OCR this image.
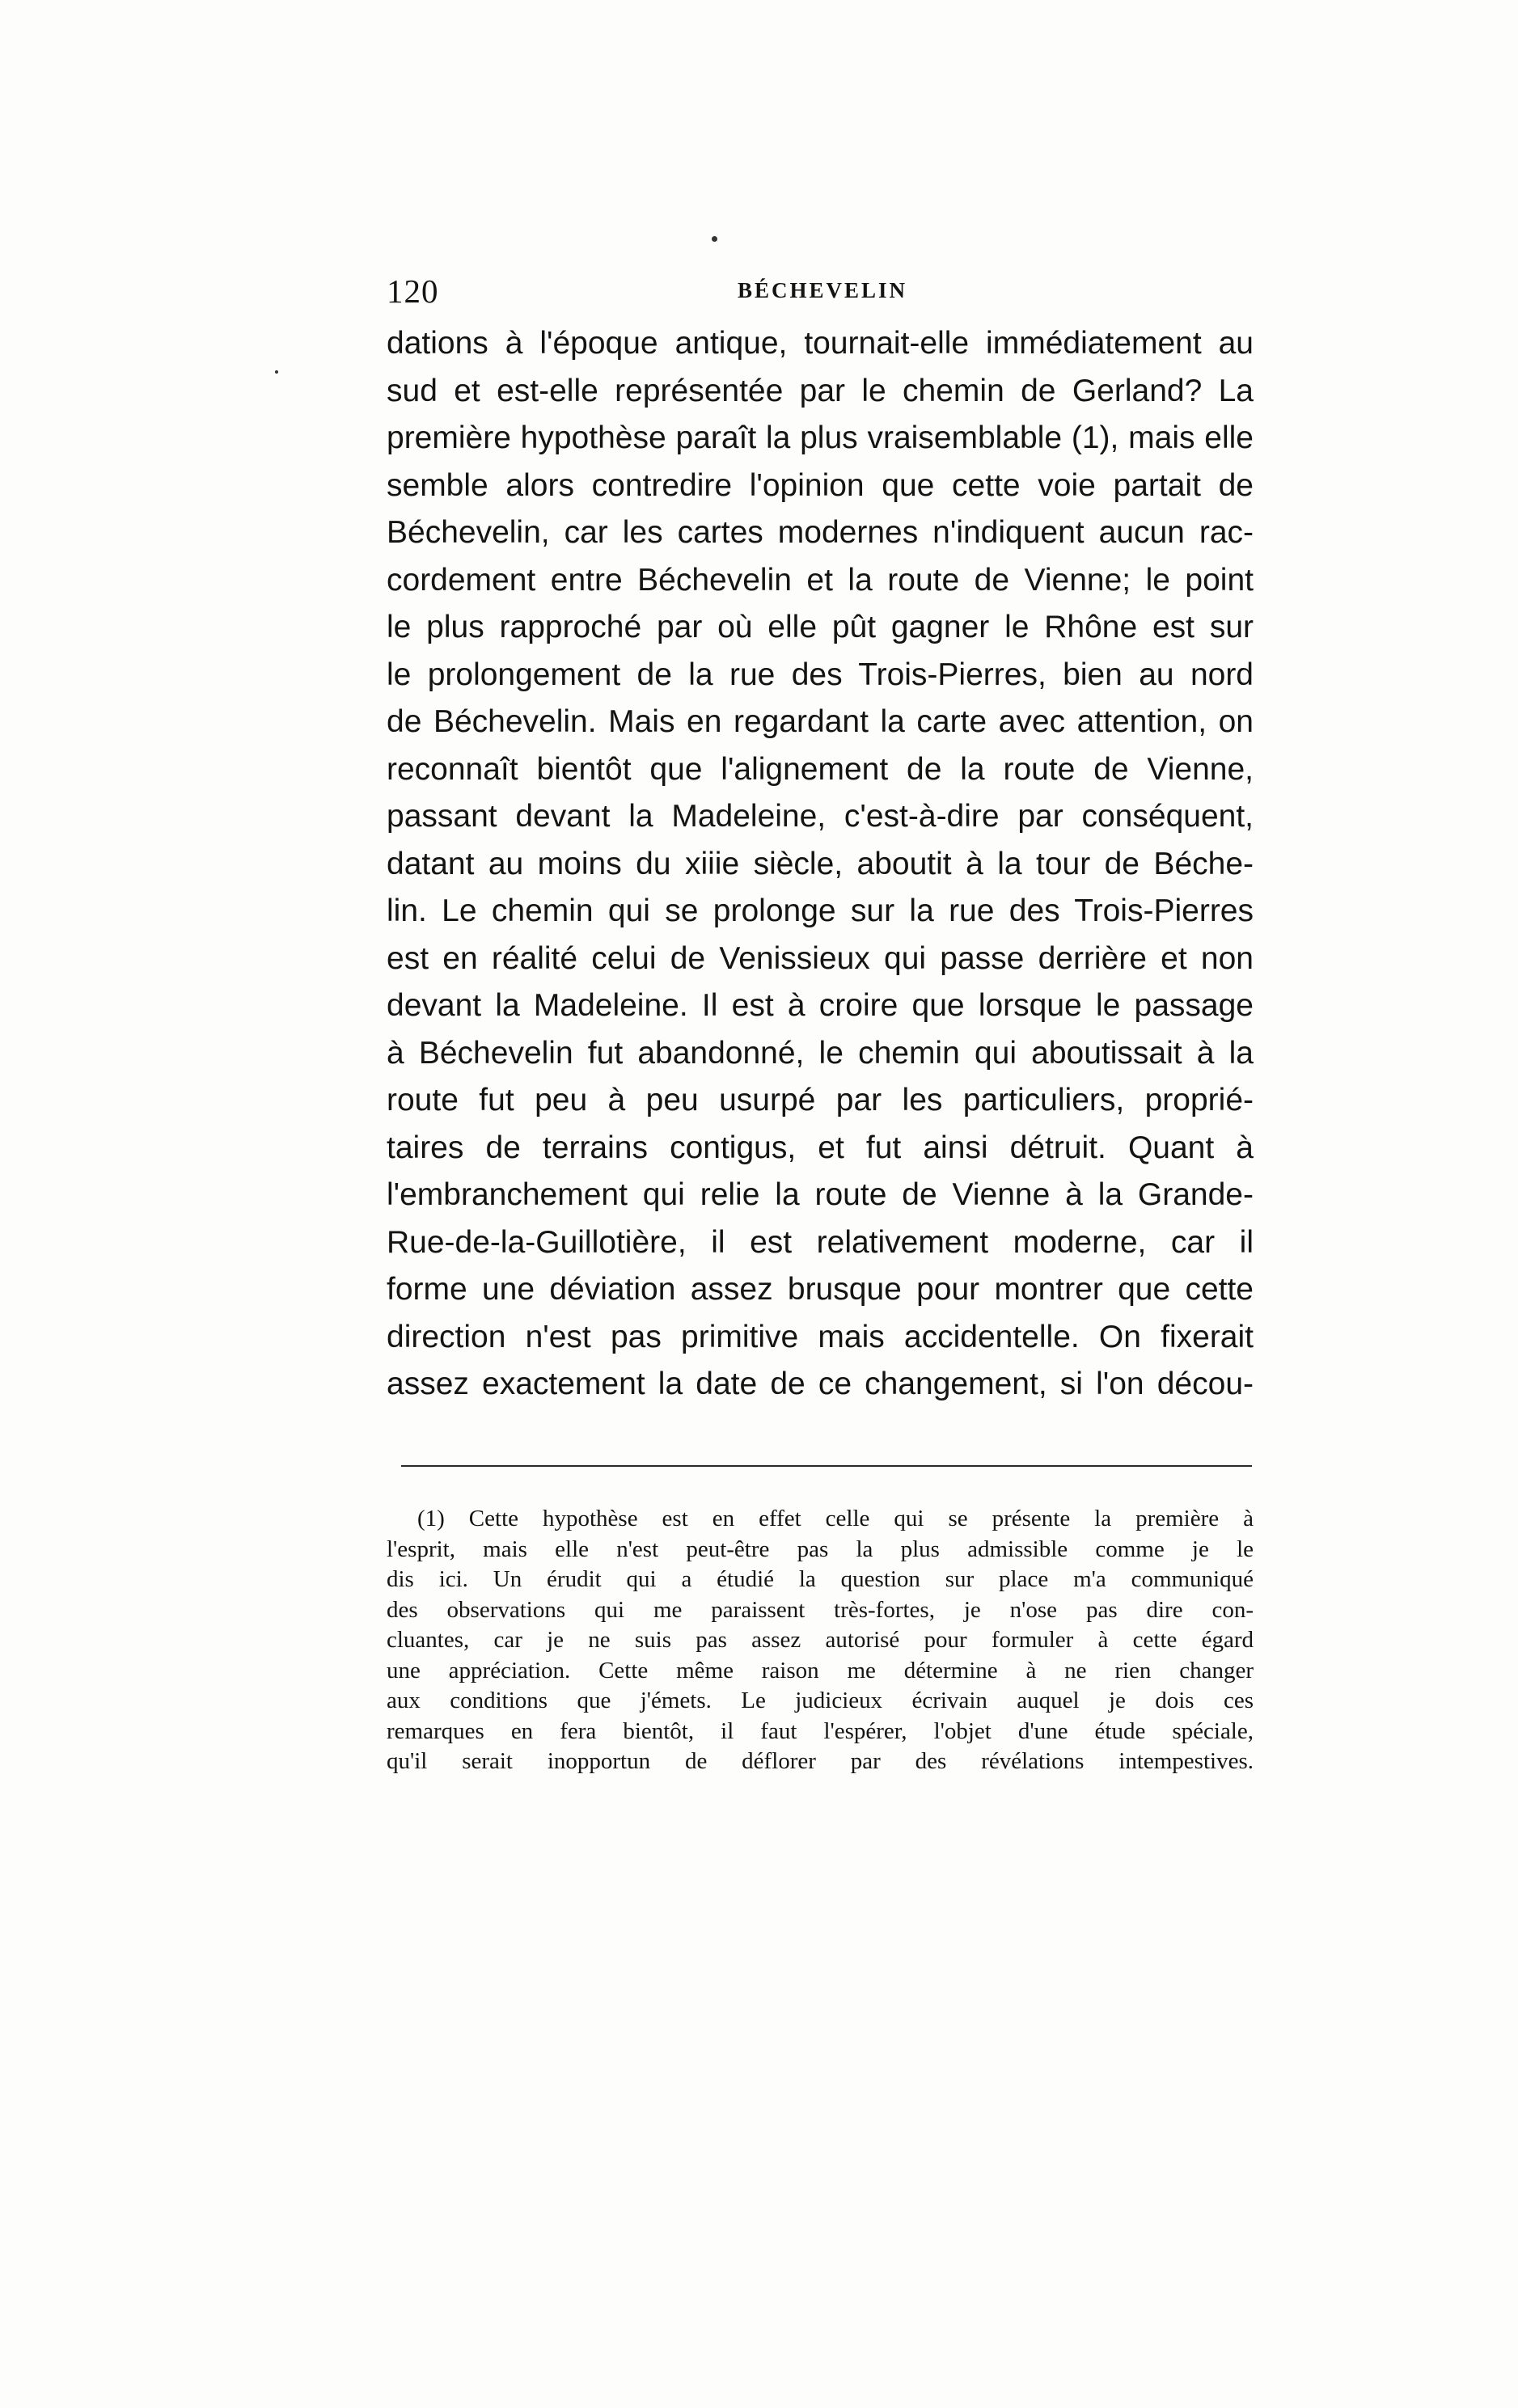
120	BÉCHEVELIN
dations à l'époque antique, tournait-elle immédiatement au
sud et est-elle représentée par le chemin de Gerland? La
première hypothèse paraît la plus vraisemblable (1), mais elle
semble alors contredire l'opinion que cette voie partait de
Béchevelin, car les cartes modernes n'indiquent aucun rac-
cordement entre Béchevelin et la route de Vienne; le point
le plus rapproché par où elle pût gagner le Rhône est sur
le prolongement de la rue des Trois-Pierres, bien au nord
de Béchevelin. Mais en regardant la carte avec attention, on
reconnaît bientôt que l'alignement de la route de Vienne,
passant devant la Madeleine, c'est-à-dire par conséquent,
datant au moins du xiiie siècle, aboutit à la tour de Béche-
lin. Le chemin qui se prolonge sur la rue des Trois-Pierres
est en réalité celui de Venissieux qui passe derrière et non
devant la Madeleine. Il est à croire que lorsque le passage
à Béchevelin fut abandonné, le chemin qui aboutissait à la
route fut peu à peu usurpé par les particuliers, proprié-
taires de terrains contigus, et fut ainsi détruit. Quant à
l'embranchement qui relie la route de Vienne à la Grande-
Rue-de-la-Guillotière, il est relativement moderne, car il
forme une déviation assez brusque pour montrer que cette
direction n'est pas primitive mais accidentelle. On fixerait
assez exactement la date de ce changement, si l'on décou-
(1) Cette hypothèse est en effet celle qui se présente la première à
l'esprit, mais elle n'est peut-être pas la plus admissible comme je le
dis ici. Un érudit qui a étudié la question sur place m'a communiqué
des observations qui me paraissent très-fortes, je n'ose pas dire con-
cluantes, car je ne suis pas assez autorisé pour formuler à cette égard
une appréciation. Cette même raison me détermine à ne rien changer
aux conditions que j'émets. Le judicieux écrivain auquel je dois ces
remarques en fera bientôt, il faut l'espérer, l'objet d'une étude spéciale,
qu'il serait inopportun de déflorer par des révélations intempestives.
